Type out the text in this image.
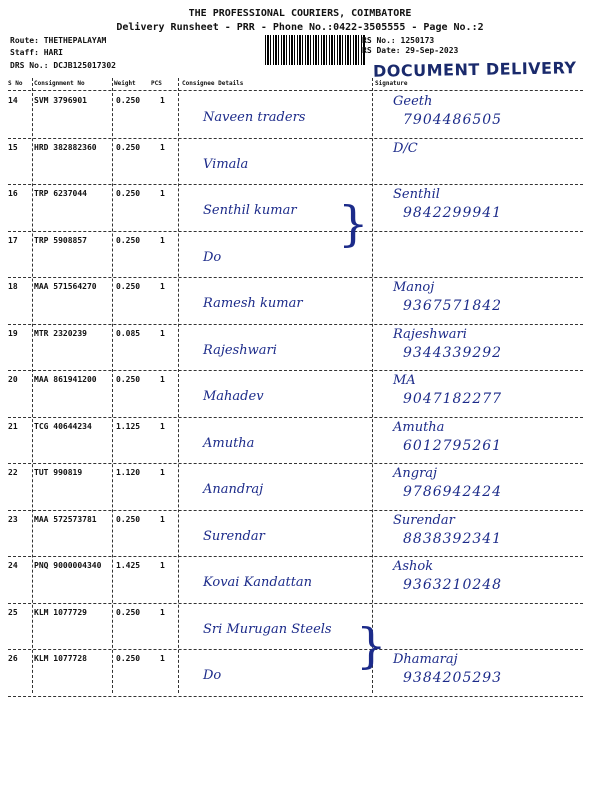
THE PROFESSIONAL COURIERS, COIMBATORE
Delivery Runsheet - PRR - Phone No.:0422-3505555 - Page No.:2
Route: THETHEPALAYAM
Staff: HARI
DRS No.: DCJB125017302
RS No.: 1250173
RS Date: 29-Sep-2023
DOCUMENT DELIVERY
S No Consignment No	Weight	PCS	Consignee Details	Signature
14 SVM 3796901	0.250 1
Naveen traders
Geeth
7904486505
15 HRD 382882360 0.250 1
Vimala
D/C
16 TRP 6237044	0.250 1
Senthil kumar
Senthil
9842299941
17 TRP 5908857	0.250 1
Do
18 MAA 571564270 0.250 1
Ramesh kumar
Manoj
9367571842
19 MTR 2320239	0.085 1
Rajeshwari
Rajeshwari
9344339292
20 MAA 861941200 0.250 1
Mahadev
MA
9047182277
21 TCG 40644234	1.125 1
Amutha
Amutha
6012795261
22 TUT 990819	1.120 1
Anandraj
Angraj
9786942424
23 MAA 572573781 0.250 1
Surendar
Surendar
8838392341
24 PNQ 9000004340 1.425 1
Kovai Kandattan
Ashok
9363210248
25 KLM 1077729	0.250 1
Sri Murugan Steels
26 KLM 1077728	0.250 1
Do
Dhamaraj
9384205293
}
}
